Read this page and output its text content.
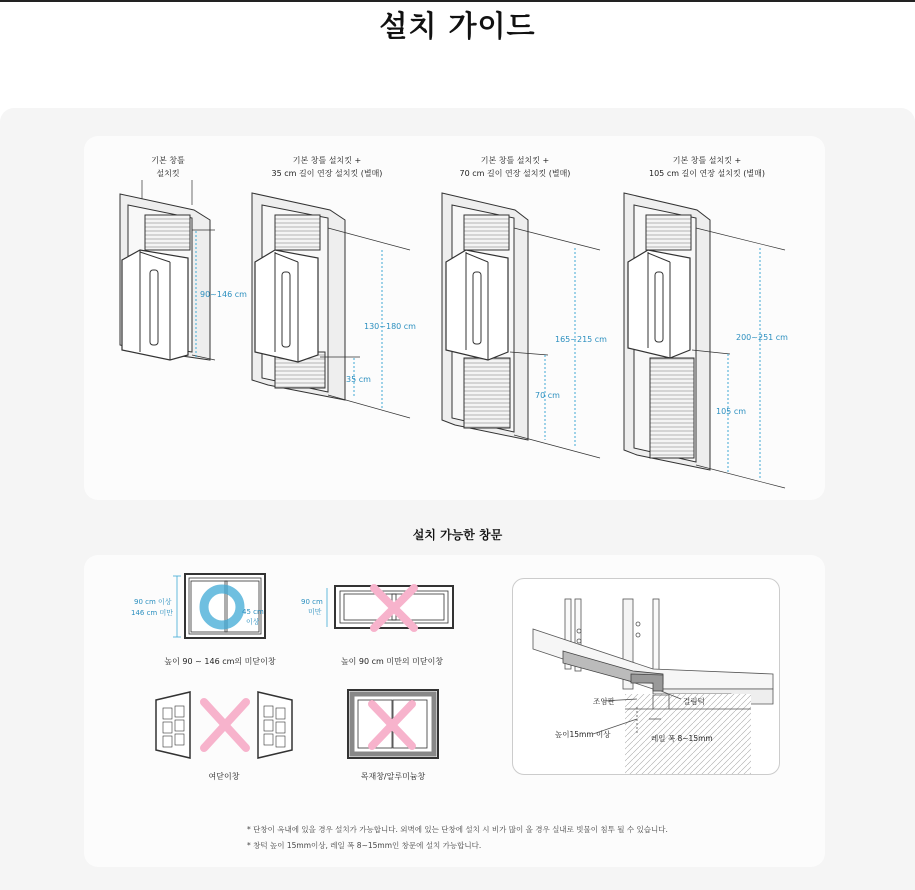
설치 가이드
기본 창틀
설치킷
기본 창틀 설치킷 +
35 cm 길이 연장 설치킷 (별매)
기본 창틀 설치킷 +
70 cm 길이 연장 설치킷 (별매)
기본 창틀 설치킷 +
105 cm 길이 연장 설치킷 (별매)
90~146 cm
130~180 cm
35 cm
165~215 cm
70 cm
200~251 cm
105 cm
설치 가능한 창문
90 cm 이상
146 cm 미만	45 cm
이상
90 cm
미만
높이 90 ~ 146 cm의 미닫이창	높이 90 cm 미만의 미닫이창
여닫이창	목재창/알루미늄창
조임판	걸림턱
높이15mm 이상	레일 폭 8~15mm
* 단창이 옥내에 있을 경우 설치가 가능합니다. 외벽에 있는 단창에 설치 시 비가 많이 올 경우 실내로 빗물이 침투 될 수 있습니다.
* 창턱 높이 15mm이상, 레일 폭 8~15mm인 창문에 설치 가능합니다.
